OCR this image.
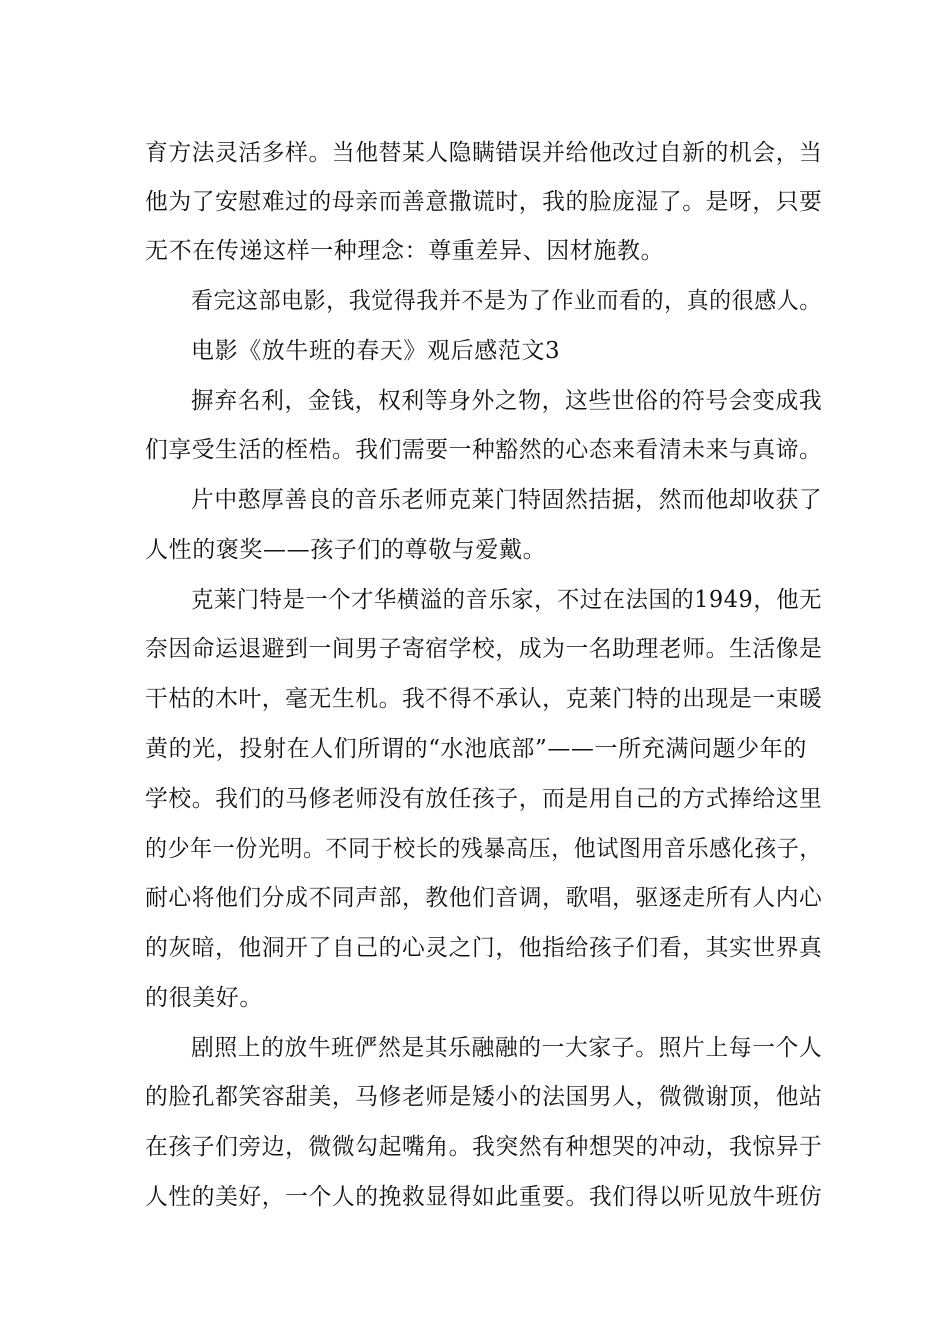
育方法灵活多样。当他替某人隐瞒错误并给他改过自新的机会，当
他为了安慰难过的母亲而善意撒谎时，我的脸庞湿了。是呀，只要
无不在传递这样一种理念：尊重差异、因材施教。
看完这部电影，我觉得我并不是为了作业而看的，真的很感人。
电影《放牛班的春天》观后感范文3
摒弃名利，金钱，权利等身外之物，这些世俗的符号会变成我
们享受生活的桎梏。我们需要一种豁然的心态来看清未来与真谛。
片中憨厚善良的音乐老师克莱门特固然拮据，然而他却收获了
人性的褒奖——孩子们的尊敬与爱戴。
克莱门特是一个才华横溢的音乐家，不过在法国的1949，他无
奈因命运退避到一间男子寄宿学校，成为一名助理老师。生活像是
干枯的木叶，毫无生机。我不得不承认，克莱门特的出现是一束暖
黄的光，投射在人们所谓的“水池底部”——一所充满问题少年的
学校。我们的马修老师没有放任孩子，而是用自己的方式捧给这里
的少年一份光明。不同于校长的残暴高压，他试图用音乐感化孩子，
耐心将他们分成不同声部，教他们音调，歌唱，驱逐走所有人内心
的灰暗，他洞开了自己的心灵之门，他指给孩子们看，其实世界真
的很美好。
剧照上的放牛班俨然是其乐融融的一大家子。照片上每一个人
的脸孔都笑容甜美，马修老师是矮小的法国男人，微微谢顶，他站
在孩子们旁边，微微勾起嘴角。我突然有种想哭的冲动，我惊异于
人性的美好，一个人的挽救显得如此重要。我们得以听见放牛班仿
